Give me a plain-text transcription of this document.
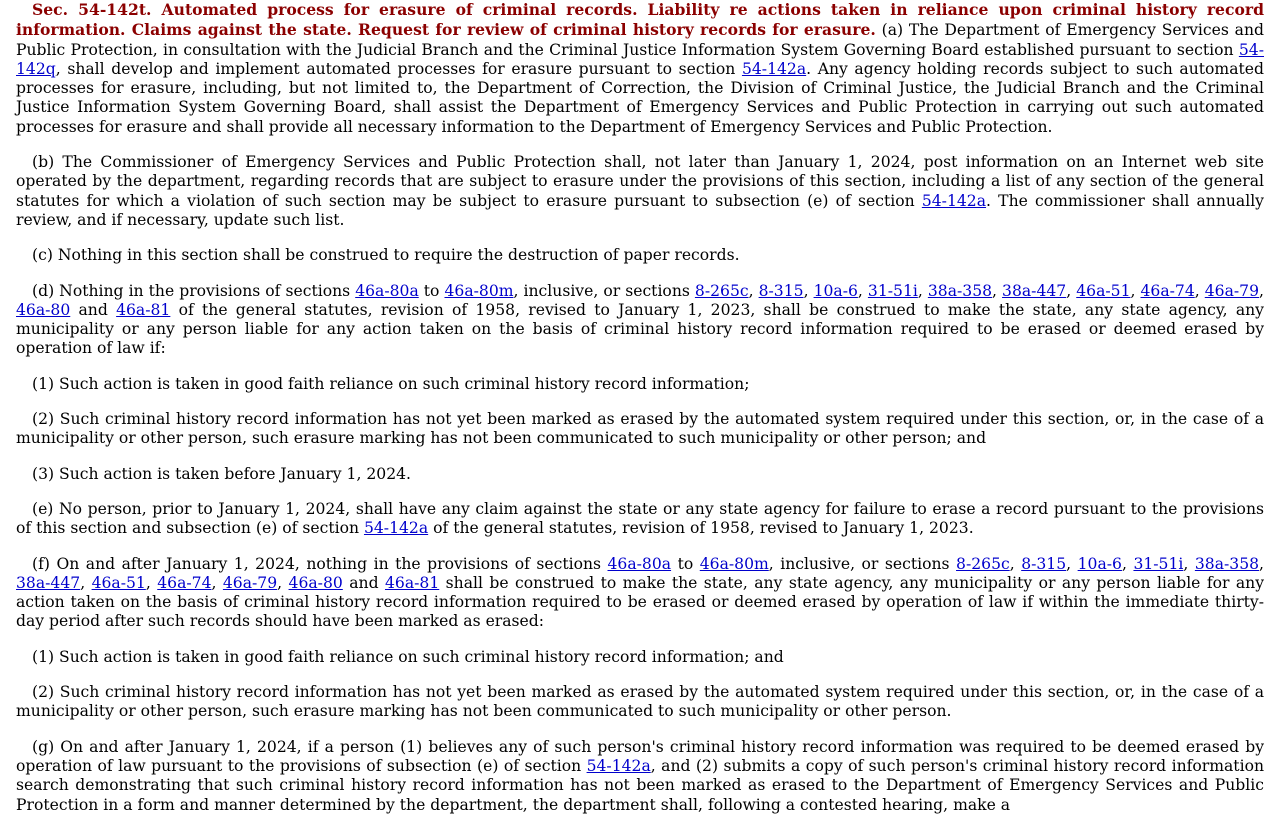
Sec. 54-142t. Automated process for erasure of criminal records. Liability re actions taken in reliance upon criminal history record information. Claims against the state. Request for review of criminal history records for erasure. (a) The Department of Emergency Services and Public Protection, in consultation with the Judicial Branch and the Criminal Justice Information System Governing Board established pursuant to section 54-142q, shall develop and implement automated processes for erasure pursuant to section 54-142a. Any agency holding records subject to such automated processes for erasure, including, but not limited to, the Department of Correction, the Division of Criminal Justice, the Judicial Branch and the Criminal Justice Information System Governing Board, shall assist the Department of Emergency Services and Public Protection in carrying out such automated processes for erasure and shall provide all necessary information to the Department of Emergency Services and Public Protection.

(b) The Commissioner of Emergency Services and Public Protection shall, not later than January 1, 2024, post information on an Internet web site operated by the department, regarding records that are subject to erasure under the provisions of this section, including a list of any section of the general statutes for which a violation of such section may be subject to erasure pursuant to subsection (e) of section 54-142a. The commissioner shall annually review, and if necessary, update such list.

(c) Nothing in this section shall be construed to require the destruction of paper records.

(d) Nothing in the provisions of sections 46a-80a to 46a-80m, inclusive, or sections 8-265c, 8-315, 10a-6, 31-51i, 38a-358, 38a-447, 46a-51, 46a-74, 46a-79, 46a-80 and 46a-81 of the general statutes, revision of 1958, revised to January 1, 2023, shall be construed to make the state, any state agency, any municipality or any person liable for any action taken on the basis of criminal history record information required to be erased or deemed erased by operation of law if:

(1) Such action is taken in good faith reliance on such criminal history record information;

(2) Such criminal history record information has not yet been marked as erased by the automated system required under this section, or, in the case of a municipality or other person, such erasure marking has not been communicated to such municipality or other person; and

(3) Such action is taken before January 1, 2024.

(e) No person, prior to January 1, 2024, shall have any claim against the state or any state agency for failure to erase a record pursuant to the provisions of this section and subsection (e) of section 54-142a of the general statutes, revision of 1958, revised to January 1, 2023.

(f) On and after January 1, 2024, nothing in the provisions of sections 46a-80a to 46a-80m, inclusive, or sections 8-265c, 8-315, 10a-6, 31-51i, 38a-358, 38a-447, 46a-51, 46a-74, 46a-79, 46a-80 and 46a-81 shall be construed to make the state, any state agency, any municipality or any person liable for any action taken on the basis of criminal history record information required to be erased or deemed erased by operation of law if within the immediate thirty-day period after such records should have been marked as erased:

(1) Such action is taken in good faith reliance on such criminal history record information; and

(2) Such criminal history record information has not yet been marked as erased by the automated system required under this section, or, in the case of a municipality or other person, such erasure marking has not been communicated to such municipality or other person.

(g) On and after January 1, 2024, if a person (1) believes any of such person's criminal history record information was required to be deemed erased by operation of law pursuant to the provisions of subsection (e) of section 54-142a, and (2) submits a copy of such person's criminal history record information search demonstrating that such criminal history record information has not been marked as erased to the Department of Emergency Services and Public Protection in a form and manner determined by the department, the department shall, following a contested hearing, make a
